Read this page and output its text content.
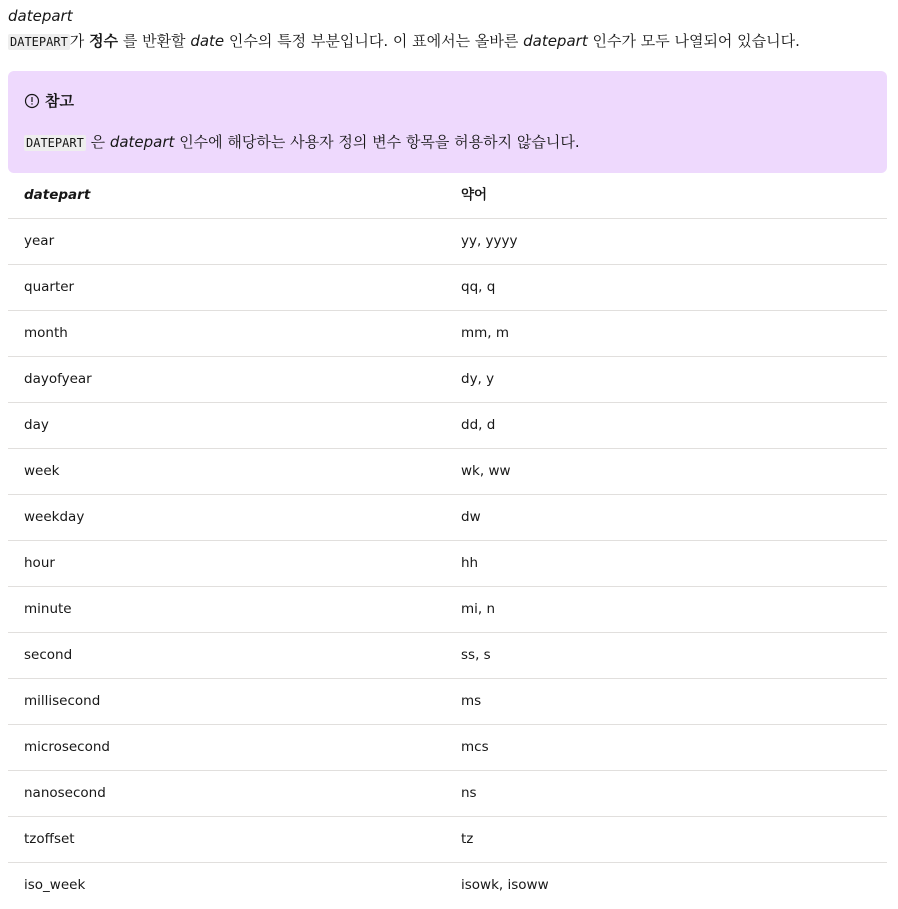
datepart
DATEPART 가 정수 를 반환할 date 인수의 특정 부분입니다. 이 표에서는 올바른 datepart 인수가 모두 나열되어 있습니다.
참고
DATEPART 은 datepart 인수에 해당하는 사용자 정의 변수 항목을 허용하지 않습니다.
datepart	약어
year	yy, yyyy
quarter	qq, q
month	mm, m
dayofyear	dy, y
day	dd, d
week	wk, ww
weekday	dw
hour	hh
minute	mi, n
second	ss, s
millisecond	ms
microsecond	mcs
nanosecond	ns
tzoffset	tz
iso_week	isowk, isoww
